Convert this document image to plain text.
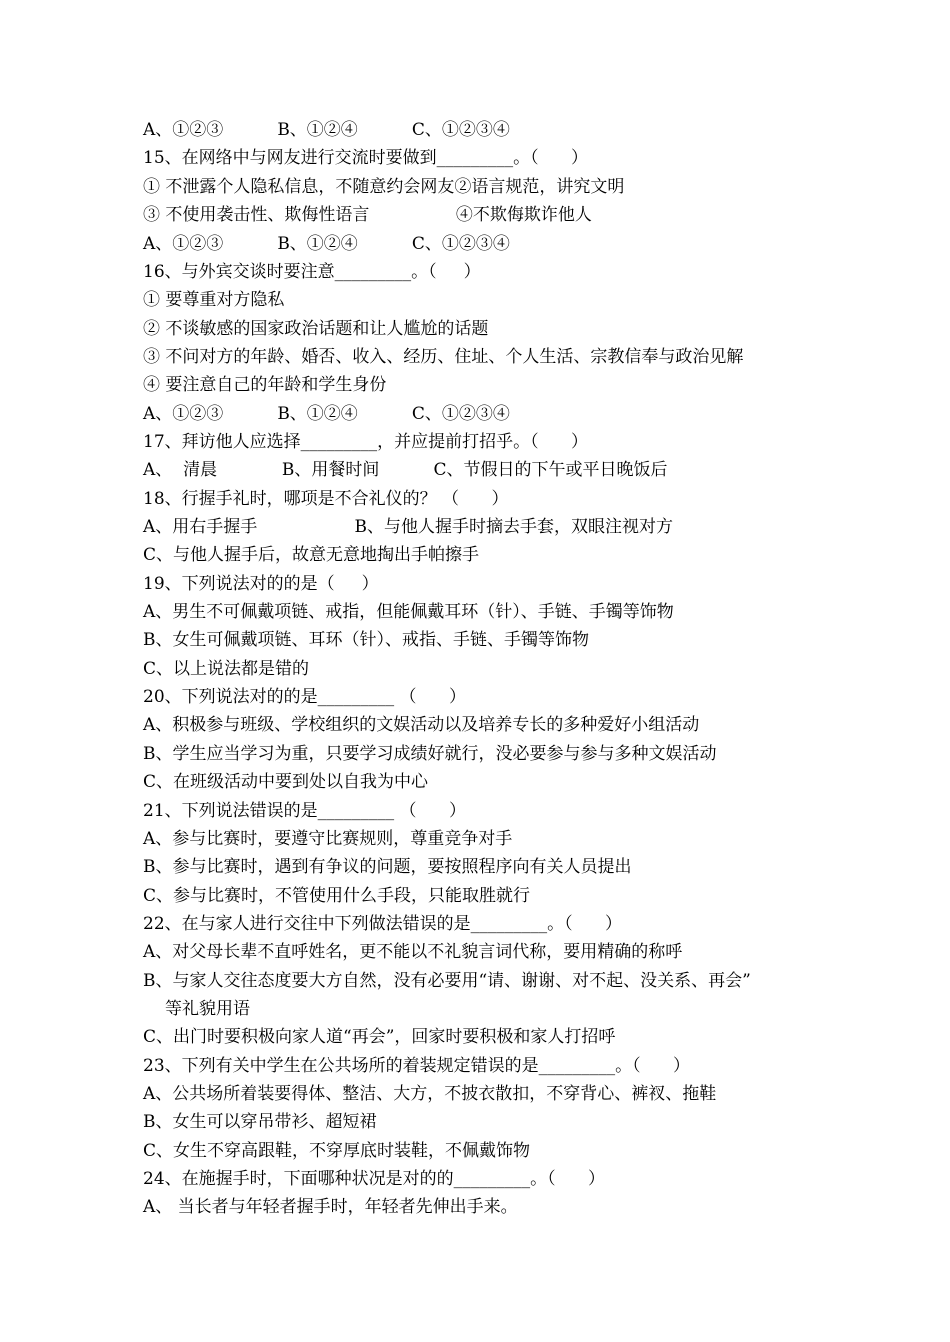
A、①②③          B、①②④          C、①②③④
15、在网络中与网友进行交流时要做到_________。（      ）
① 不泄露个人隐私信息，不随意约会网友②语言规范，讲究文明
③ 不使用袭击性、欺侮性语言                ④不欺侮欺诈他人
A、①②③          B、①②④          C、①②③④
16、与外宾交谈时要注意_________。（     ）
① 要尊重对方隐私
② 不谈敏感的国家政治话题和让人尴尬的话题
③ 不问对方的年龄、婚否、收入、经历、住址、个人生活、宗教信奉与政治见解
④ 要注意自己的年龄和学生身份
A、①②③          B、①②④          C、①②③④
17、拜访他人应选择_________，并应提前打招乎。（      ）
A、  清晨            B、用餐时间          C、节假日的下午或平日晚饭后
18、行握手礼时，哪项是不合礼仪的？ （      ）
A、用右手握手                  B、与他人握手时摘去手套，双眼注视对方
C、与他人握手后，故意无意地掏出手帕擦手
19、下列说法对的的是（     ）
A、男生不可佩戴项链、戒指，但能佩戴耳环（针）、手链、手镯等饰物
B、女生可佩戴项链、耳环（针）、戒指、手链、手镯等饰物
C、以上说法都是错的
20、下列说法对的的是_________ （      ）
A、积极参与班级、学校组织的文娱活动以及培养专长的多种爱好小组活动
B、学生应当学习为重，只要学习成绩好就行，没必要参与参与多种文娱活动
C、在班级活动中要到处以自我为中心
21、下列说法错误的是_________ （      ）
A、参与比赛时，要遵守比赛规则，尊重竞争对手
B、参与比赛时，遇到有争议的问题，要按照程序向有关人员提出
C、参与比赛时，不管使用什么手段，只能取胜就行
22、在与家人进行交往中下列做法错误的是_________。（      ）
A、对父母长辈不直呼姓名，更不能以不礼貌言词代称，要用精确的称呼
B、与家人交往态度要大方自然，没有必要用“请、谢谢、对不起、没关系、再会”
等礼貌用语
C、出门时要积极向家人道“再会”，回家时要积极和家人打招呼
23、下列有关中学生在公共场所的着装规定错误的是_________。（      ）
A、公共场所着装要得体、整洁、大方，不披衣散扣，不穿背心、裤衩、拖鞋
B、女生可以穿吊带衫、超短裙
C、女生不穿高跟鞋，不穿厚底时装鞋，不佩戴饰物
24、在施握手时，下面哪种状况是对的的_________。（      ）
A、 当长者与年轻者握手时，年轻者先伸出手来。
